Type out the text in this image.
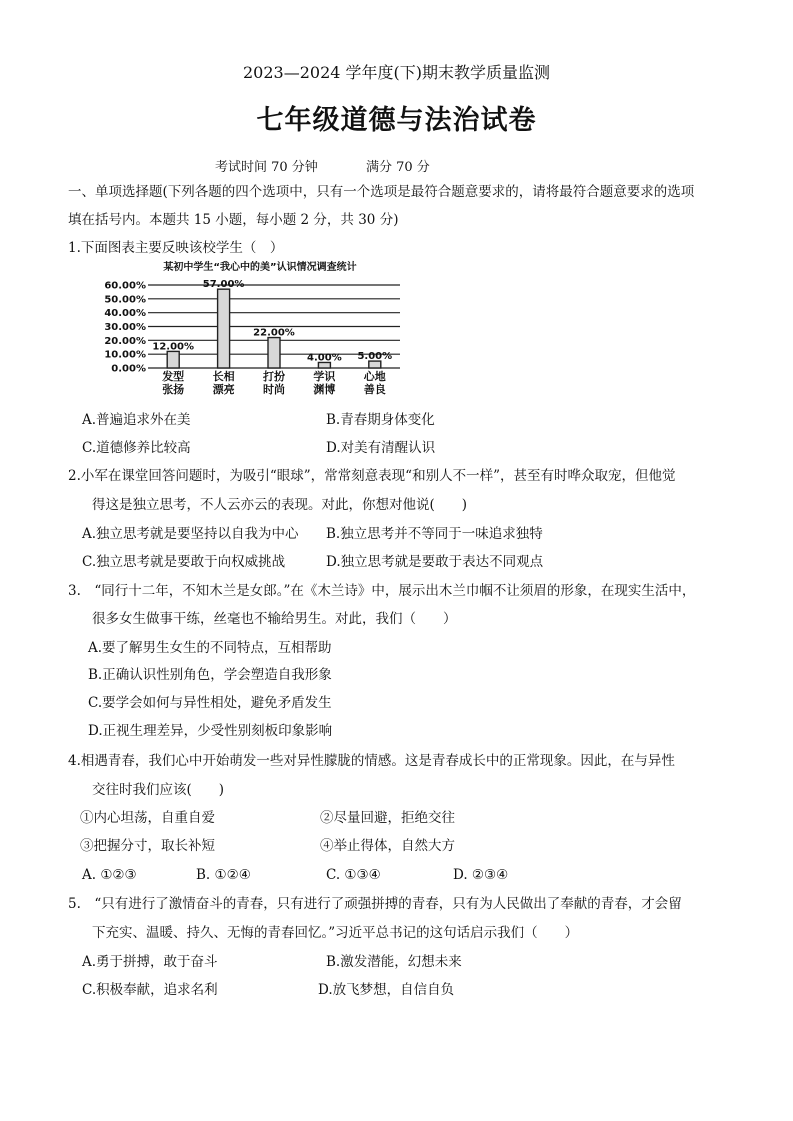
2023—2024 学年度(下)期末教学质量监测
七年级道德与法治试卷
考试时间 70 分钟	满分 70 分
一、单项选择题(下列各题的四个选项中，只有一个选项是最符合题意要求的，请将最符合题意要求的选项
填在括号内。本题共 15 小题，每小题 2 分，共 30 分)
1.下面图表主要反映该校学生（　）
某初中学生“我心中的美”认识情况调查统计
0.00%
10.00%
20.00%
30.00%
40.00%
50.00%
60.00%
12.00%
发型
张扬
57.00%
长相
漂亮
22.00%
打扮
时尚
4.00%
学识
渊博
5.00%
心地
善良
A.普遍追求外在美	B.青春期身体变化
C.道德修养比较高	D.对美有清醒认识
2.小军在课堂回答问题时，为吸引“眼球”，常常刻意表现“和别人不一样”，甚至有时哗众取宠，但他觉
得这是独立思考，不人云亦云的表现。对此，你想对他说(　　)
A.独立思考就是要坚持以自我为中心 B.独立思考并不等同于一味追求独特
C.独立思考就是要敢于向权威挑战	D.独立思考就是要敢于表达不同观点
3.　“同行十二年，不知木兰是女郎。”在《木兰诗》中，展示出木兰巾帼不让须眉的形象，在现实生活中，
很多女生做事干练，丝毫也不输给男生。对此，我们（　　）
A.要了解男生女生的不同特点，互相帮助
B.正确认识性别角色，学会塑造自我形象
C.要学会如何与异性相处，避免矛盾发生
D.正视生理差异，少受性别刻板印象影响
4.相遇青春，我们心中开始萌发一些对异性朦胧的情感。这是青春成长中的正常现象。因此，在与异性
交往时我们应该(　　)
①内心坦荡，自重自爱	②尽量回避，拒绝交往
③把握分寸，取长补短	④举止得体，自然大方
A. ①②③	B. ①②④	C. ①③④	D. ②③④
5.　“只有进行了激情奋斗的青春，只有进行了顽强拼搏的青春，只有为人民做出了奉献的青春，才会留
下充实、温暖、持久、无悔的青春回忆。”习近平总书记的这句话启示我们（　　）
A.勇于拼搏，敢于奋斗	B.激发潜能，幻想未来
C.积极奉献，追求名利	D.放飞梦想，自信自负
